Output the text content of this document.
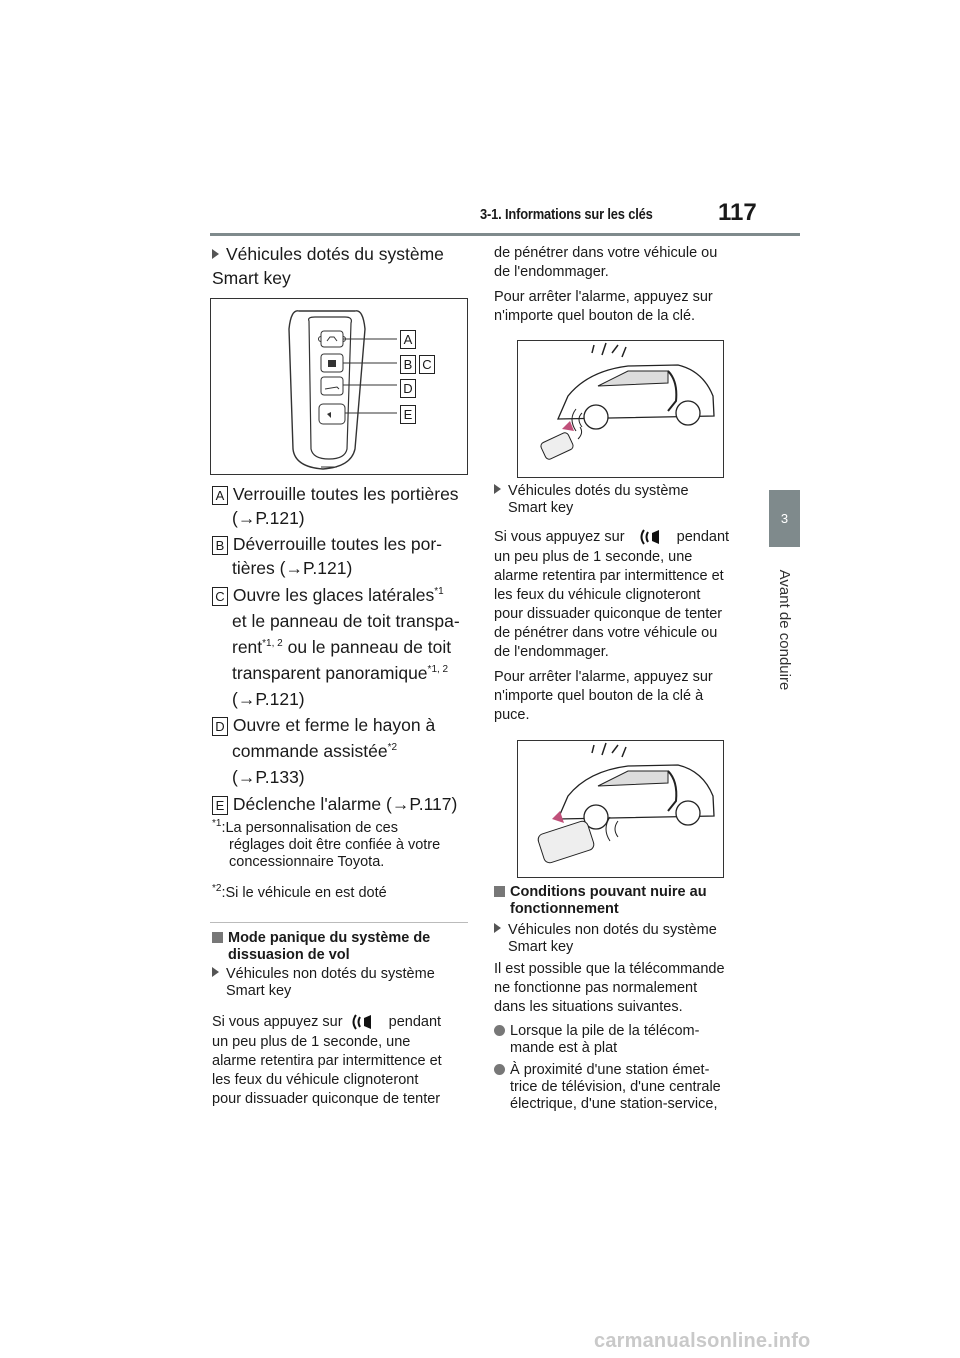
3-1. Informations sur les clés	117
3
Avant de conduire
Véhicules dotés du système Smart key
A
B C
D
E
A Verrouille toutes les portières
(→P.121)
B Déverrouille toutes les por-
tières (→P.121)
C Ouvre les glaces latérales$^{*1}$
et le panneau de toit transpa-
rent$^{*1, 2}$ ou le panneau de toit
transparent panoramique$^{*1, 2}$
(→P.121)
D Ouvre et ferme le hayon à
commande assistée$^{*2}$
(→P.133)
E Déclenche l'alarme (→P.117)
$^{*1}$:La personnalisation de ces
réglages doit être confiée à votre
concessionnaire Toyota.
$^{*2}$:Si le véhicule en est doté
Mode panique du système de
dissuasion de vol
Véhicules non dotés du système
Smart key
Si vous appuyez sur	pendant
un peu plus de 1 seconde, une
alarme retentira par intermittence et
les feux du véhicule clignoteront
pour dissuader quiconque de tenter
de pénétrer dans votre véhicule ou
de l'endommager.
Pour arrêter l'alarme, appuyez sur
n'importe quel bouton de la clé.
Véhicules dotés du système
Smart key
Si vous appuyez sur	pendant
un peu plus de 1 seconde, une
alarme retentira par intermittence et
les feux du véhicule clignoteront
pour dissuader quiconque de tenter
de pénétrer dans votre véhicule ou
de l'endommager.
Pour arrêter l'alarme, appuyez sur
n'importe quel bouton de la clé à
puce.
Conditions pouvant nuire au
fonctionnement
Véhicules non dotés du système
Smart key
Il est possible que la télécommande
ne fonctionne pas normalement
dans les situations suivantes.
Lorsque la pile de la télécom-
mande est à plat
À proximité d'une station émet-
trice de télévision, d'une centrale
électrique, d'une station-service,
carmanualsonline.info
